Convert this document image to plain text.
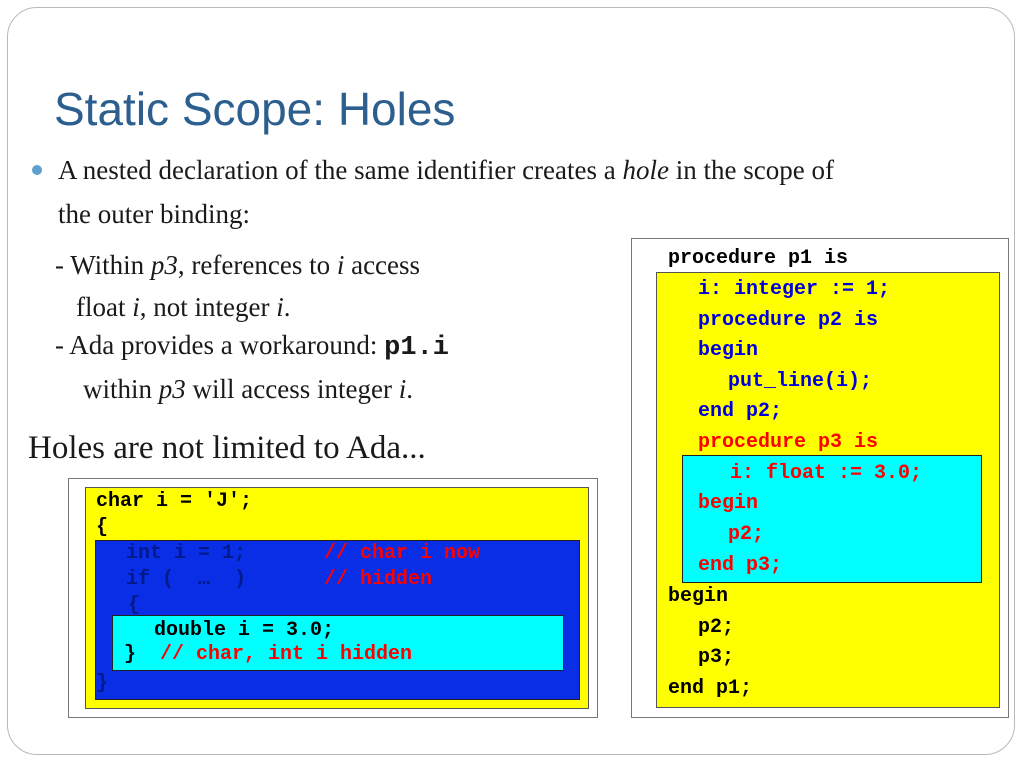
Static Scope: Holes
A nested declaration of the same identifier creates a hole in the scope of
the outer binding:
- Within p3, references to i access
float i, not integer i.
- Ada provides a workaround: p1.i
within p3 will access integer i.
Holes are not limited to Ada...
char i = 'J';
{
int i = 1;	// char i now
if (  …  )	// hidden
{
double i = 3.0;
} // char, int i hidden
}
procedure p1 is
i: integer := 1;
procedure p2 is
begin
put_line(i);
end p2;
procedure p3 is
i: float := 3.0;
begin
p2;
end p3;
begin
p2;
p3;
end p1;
